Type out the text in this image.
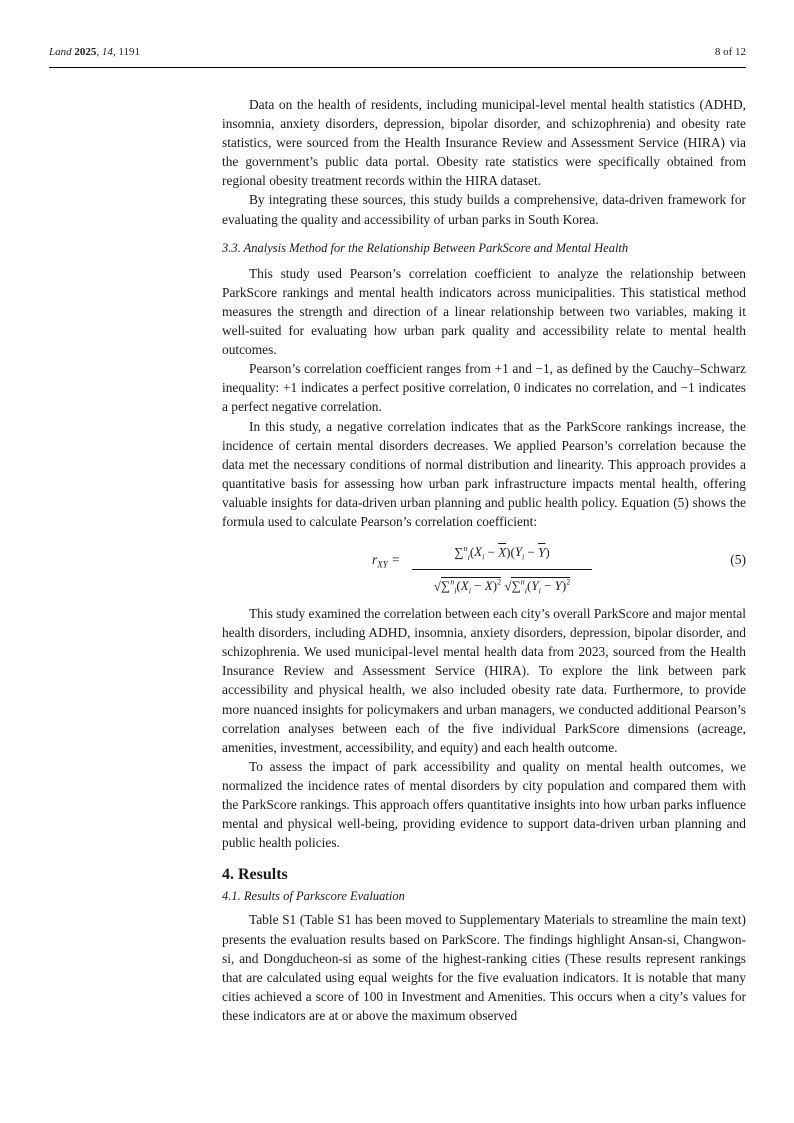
Land 2025, 14, 1191	8 of 12

Data on the health of residents, including municipal-level mental health statistics (ADHD, insomnia, anxiety disorders, depression, bipolar disorder, and schizophrenia) and obesity rate statistics, were sourced from the Health Insurance Review and Assessment Service (HIRA) via the government’s public data portal. Obesity rate statistics were specifically obtained from regional obesity treatment records within the HIRA dataset.

By integrating these sources, this study builds a comprehensive, data-driven framework for evaluating the quality and accessibility of urban parks in South Korea.

3.3. Analysis Method for the Relationship Between ParkScore and Mental Health

This study used Pearson’s correlation coefficient to analyze the relationship between ParkScore rankings and mental health indicators across municipalities. This statistical method measures the strength and direction of a linear relationship between two variables, making it well-suited for evaluating how urban park quality and accessibility relate to mental health outcomes.

Pearson’s correlation coefficient ranges from +1 and −1, as defined by the Cauchy–Schwarz inequality: +1 indicates a perfect positive correlation, 0 indicates no correlation, and −1 indicates a perfect negative correlation.

In this study, a negative correlation indicates that as the ParkScore rankings increase, the incidence of certain mental disorders decreases. We applied Pearson’s correlation because the data met the necessary conditions of normal distribution and linearity. This approach provides a quantitative basis for assessing how urban park infrastructure impacts mental health, offering valuable insights for data-driven urban planning and public health policy. Equation (5) shows the formula used to calculate Pearson’s correlation coefficient:

$r_{XY} = \frac{\sum^n_i(X_i - \overline{X})(Y_i - \overline{Y})}{√\sum^n_i(X_i - \overline{X})^2 √\sum^n_i(Y_i - \overline{Y})^2}$	(5)

This study examined the correlation between each city’s overall ParkScore and major mental health disorders, including ADHD, insomnia, anxiety disorders, depression, bipolar disorder, and schizophrenia. We used municipal-level mental health data from 2023, sourced from the Health Insurance Review and Assessment Service (HIRA). To explore the link between park accessibility and physical health, we also included obesity rate data. Furthermore, to provide more nuanced insights for policymakers and urban managers, we conducted additional Pearson’s correlation analyses between each of the five individual ParkScore dimensions (acreage, amenities, investment, accessibility, and equity) and each health outcome.

To assess the impact of park accessibility and quality on mental health outcomes, we normalized the incidence rates of mental disorders by city population and compared them with the ParkScore rankings. This approach offers quantitative insights into how urban parks influence mental and physical well-being, providing evidence to support data-driven urban planning and public health policies.

4. Results
4.1. Results of Parkscore Evaluation

Table S1 (Table S1 has been moved to Supplementary Materials to streamline the main text) presents the evaluation results based on ParkScore. The findings highlight Ansan-si, Changwon-si, and Dongducheon-si as some of the highest-ranking cities (These results represent rankings that are calculated using equal weights for the five evaluation indicators. It is notable that many cities achieved a score of 100 in Investment and Amenities. This occurs when a city’s values for these indicators are at or above the maximum observed
